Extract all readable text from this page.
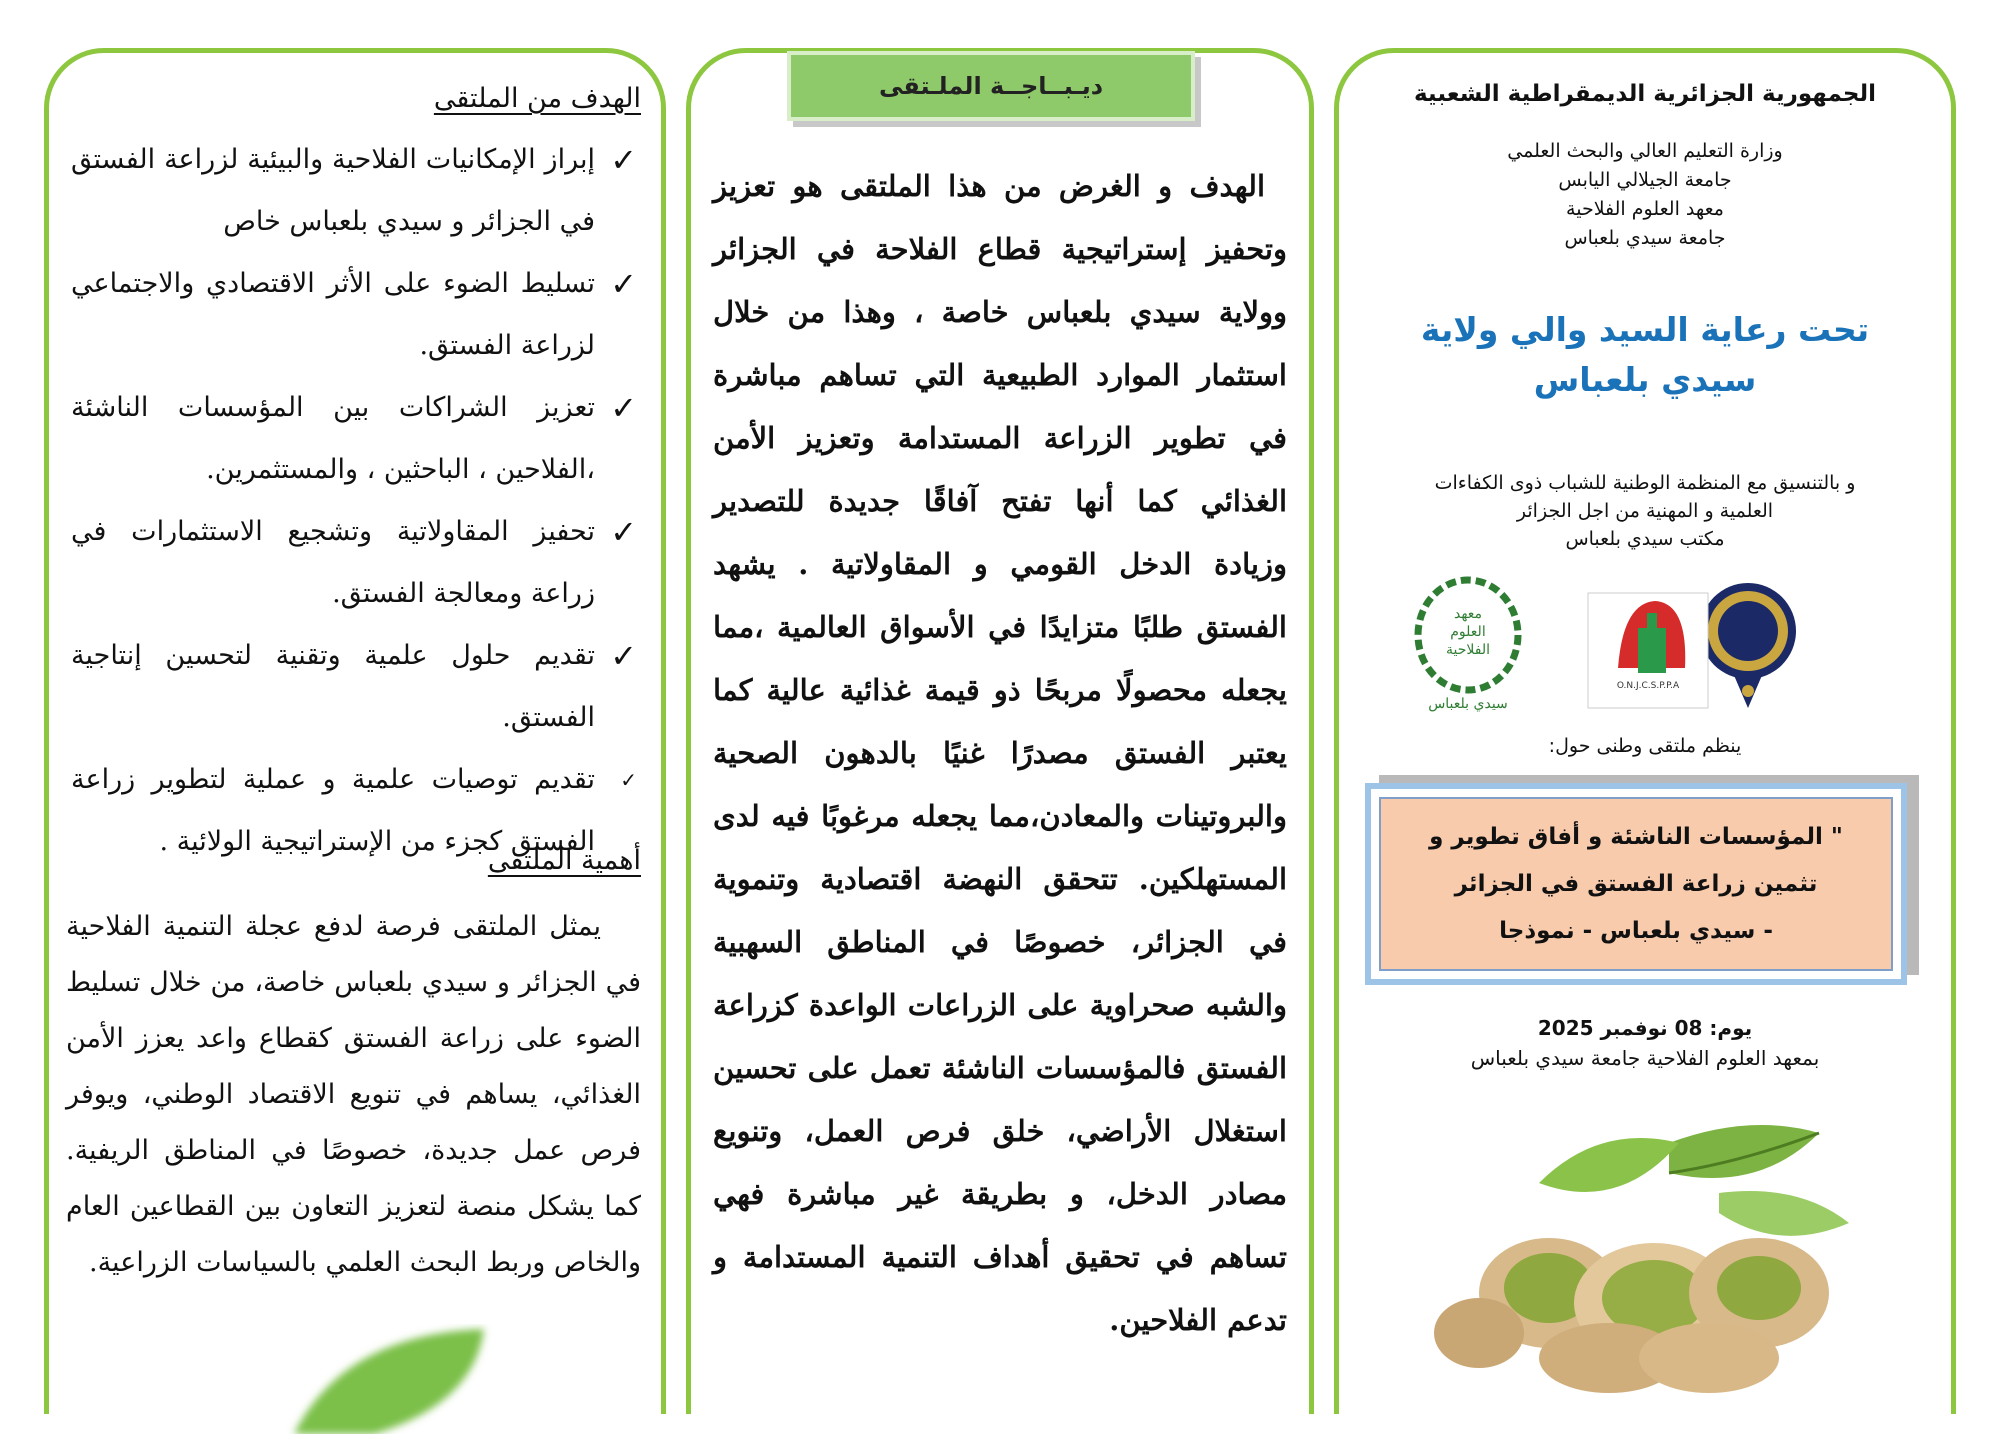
الجمهورية الجزائرية الديمقراطية الشعبية

وزارة التعليم العالي والبحث العلمي
جامعة الجيلالي اليابس
معهد العلوم الفلاحية
جامعة سيدي بلعباس

تحت رعاية السيد والي ولاية سيدي بلعباس

و بالتنسيق مع المنظمة الوطنية للشباب ذوى الكفاءات
العلمية و المهنية من اجل الجزائر
مكتب سيدي بلعباس
O.N.J.C.S.P.P.A
معهد
العلوم
الفلاحية
سيدي بلعباس

ينظم ملتقى وطنى حول:

" المؤسسات الناشئة و أفاق تطوير و
تثمين زراعة الفستق في الجزائر
- سيدي بلعباس - نموذجا
يوم: 08 نوفمبر 2025
بمعهد العلوم الفلاحية جامعة سيدي بلعباس
ديـبــاجــة الملـتقى

الهدف و الغرض من هذا الملتقى هو تعزيز وتحفيز إستراتيجية قطاع الفلاحة في الجزائر وولاية سيدي بلعباس خاصة ، وهذا من خلال استثمار الموارد الطبيعية التي تساهم مباشرة في تطوير الزراعة المستدامة وتعزيز الأمن الغذائي كما أنها تفتح آفاقًا جديدة للتصدير وزيادة الدخل القومي و المقاولاتية . يشهد الفستق طلبًا متزايدًا في الأسواق العالمية ،مما يجعله محصولًا مربحًا ذو قيمة غذائية عالية كما يعتبر الفستق مصدرًا غنيًا بالدهون الصحية والبروتينات والمعادن،مما يجعله مرغوبًا فيه لدى المستهلكين. تتحقق النهضة اقتصادية وتنموية في الجزائر، خصوصًا في المناطق السهبية والشبه صحراوية على الزراعات الواعدة كزراعة الفستق فالمؤسسات الناشئة تعمل على تحسين استغلال الأراضي، خلق فرص العمل، وتنويع مصادر الدخل، و بطريقة غير مباشرة فهي تساهم في تحقيق أهداف التنمية المستدامة و تدعم الفلاحين.

الهدف من الملتقى
✓
إبراز الإمكانيات الفلاحية والبيئية لزراعة الفستق في الجزائر و سيدي بلعباس خاص
✓
تسليط الضوء على الأثر الاقتصادي والاجتماعي لزراعة الفستق.
✓
تعزيز الشراكات بين المؤسسات الناشئة ،الفلاحين ، الباحثين ، والمستثمرين.
✓
تحفيز المقاولاتية وتشجيع الاستثمارات في زراعة ومعالجة الفستق.
✓
تقديم حلول علمية وتقنية لتحسين إنتاجية الفستق.
✓
تقديم توصيات علمية و عملية لتطوير زراعة الفستق كجزء من الإستراتيجية الولائية .
أهمية الملتقى

يمثل الملتقى فرصة لدفع عجلة التنمية الفلاحية في الجزائر و سيدي بلعباس خاصة، من خلال تسليط الضوء على زراعة الفستق كقطاع واعد يعزز الأمن الغذائي، يساهم في تنويع الاقتصاد الوطني، ويوفر فرص عمل جديدة، خصوصًا في المناطق الريفية. كما يشكل منصة لتعزيز التعاون بين القطاعين العام والخاص وربط البحث العلمي بالسياسات الزراعية.
